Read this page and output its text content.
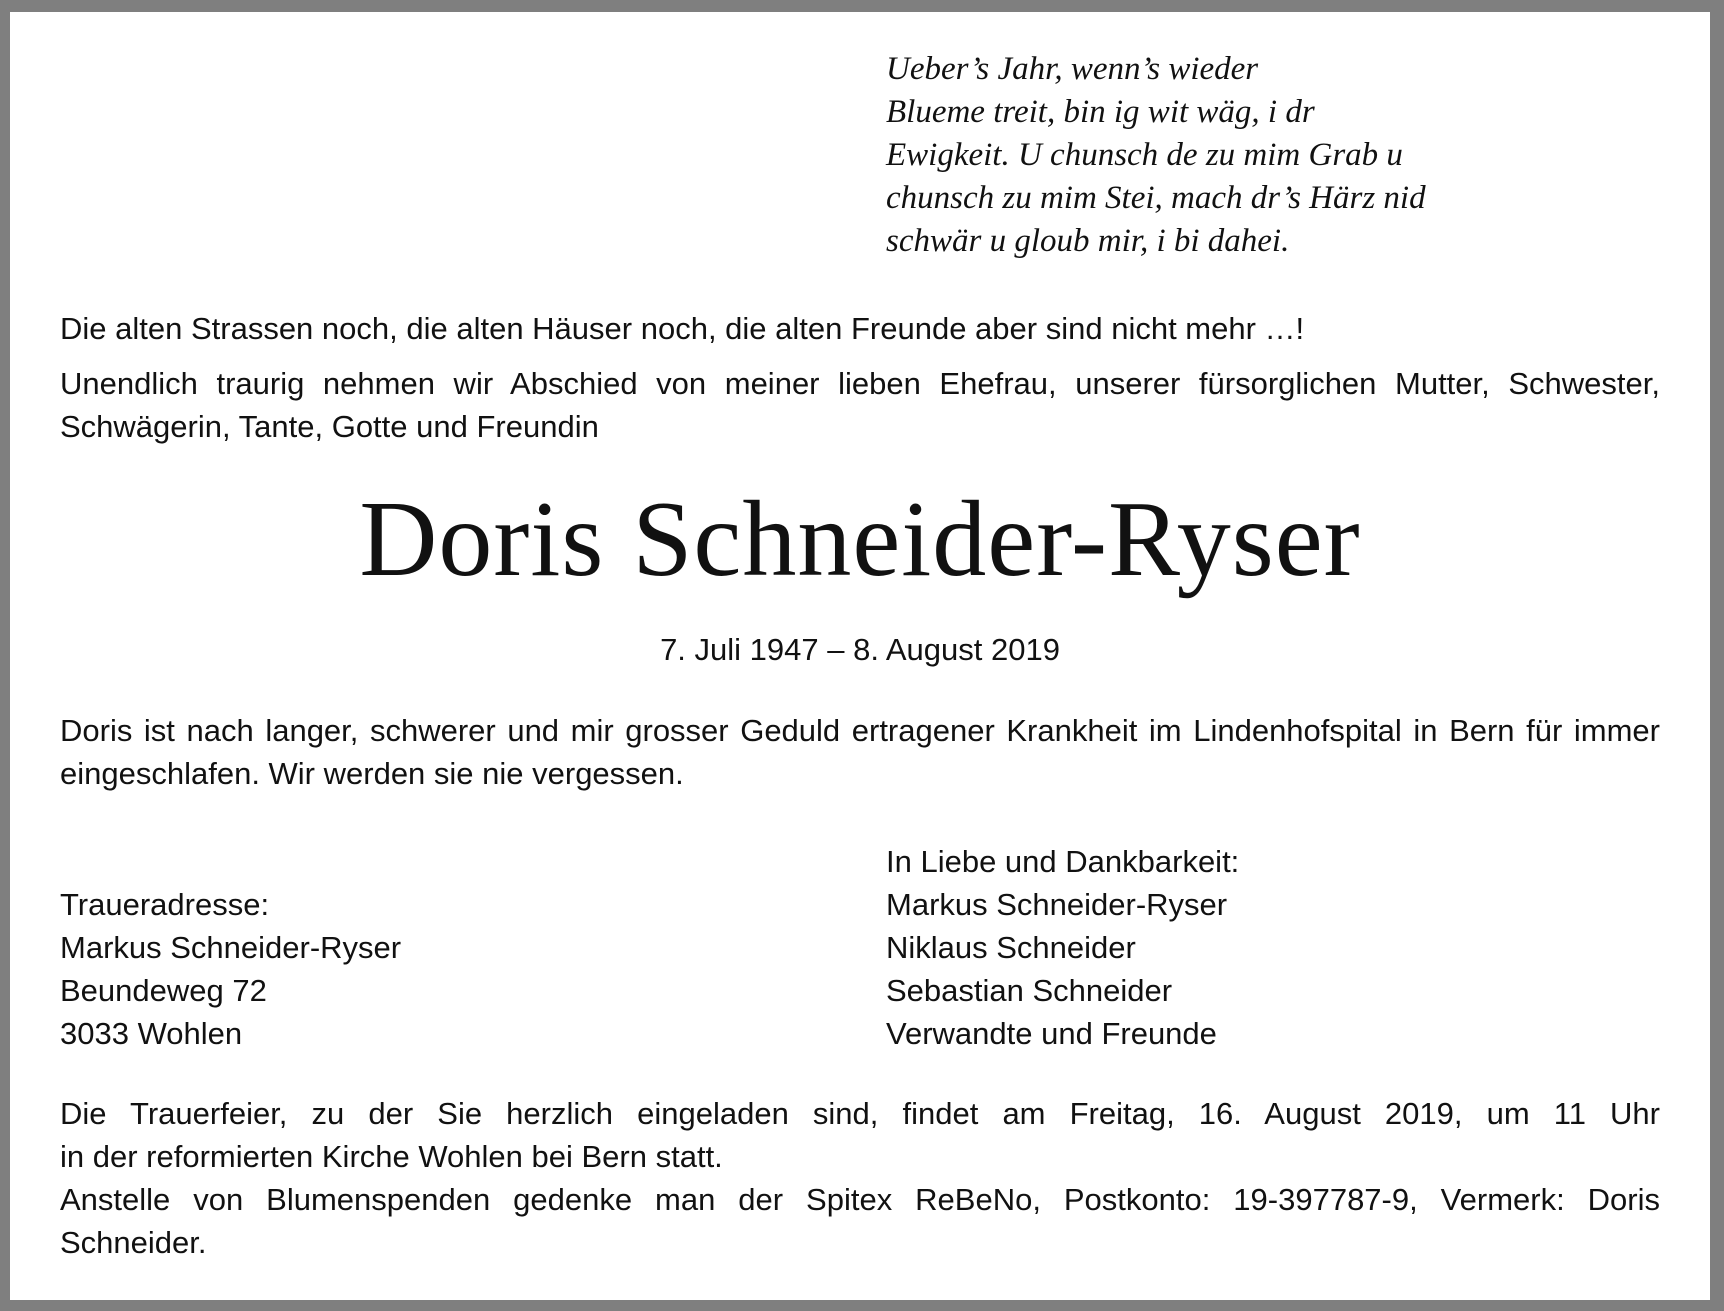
Ueber’s Jahr, wenn’s wieder
Blueme treit, bin ig wit wäg, i dr
Ewigkeit. U chunsch de zu mim Grab u
chunsch zu mim Stei, mach dr’s Härz nid
schwär u gloub mir, i bi dahei.
Die alten Strassen noch, die alten Häuser noch, die alten Freunde aber sind nicht mehr …!
Unendlich traurig nehmen wir Abschied von meiner lieben Ehefrau, unserer fürsorglichen Mutter, Schwester, Schwägerin, Tante, Gotte und Freundin
Doris Schneider-Ryser
7. Juli 1947 – 8. August 2019
Doris ist nach langer, schwerer und mir grosser Geduld ertragener Krankheit im Lindenhofspital in Bern für immer eingeschlafen. Wir werden sie nie vergessen.
Traueradresse:
Markus Schneider-Ryser
Beundeweg 72
3033 Wohlen
In Liebe und Dankbarkeit:
Markus Schneider-Ryser
Niklaus Schneider
Sebastian Schneider
Verwandte und Freunde
Die Trauerfeier, zu der Sie herzlich eingeladen sind, findet am Freitag, 16. August 2019, um 11 Uhr
in der reformierten Kirche Wohlen bei Bern statt.
Anstelle von Blumenspenden gedenke man der Spitex ReBeNo, Postkonto: 19-397787-9, Vermerk: Doris
Schneider.
